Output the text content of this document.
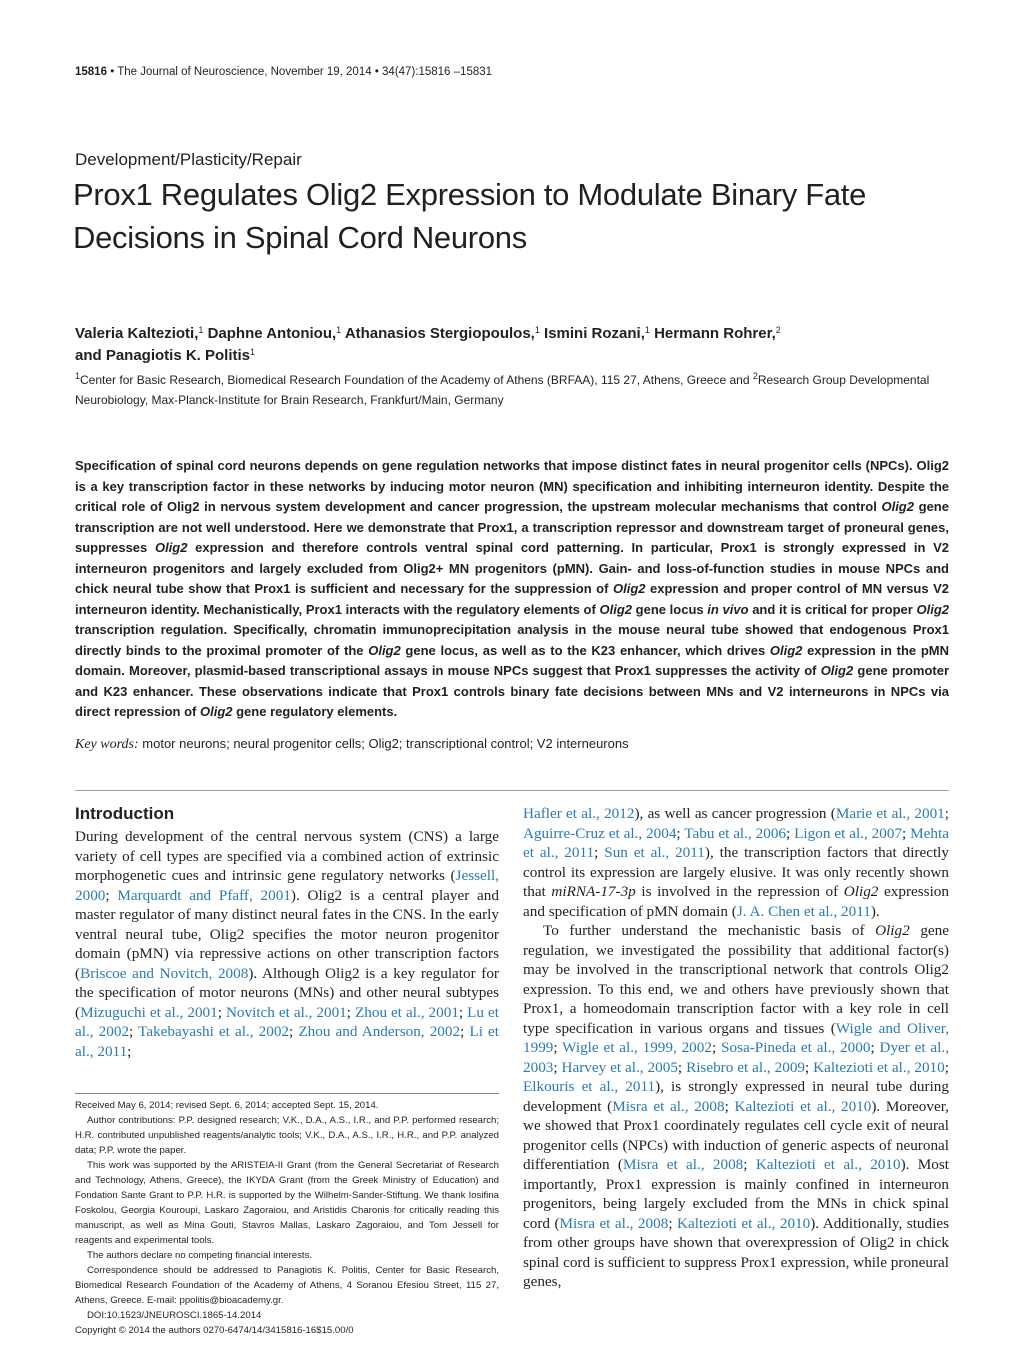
15816 • The Journal of Neuroscience, November 19, 2014 • 34(47):15816 –15831
Development/Plasticity/Repair
Prox1 Regulates Olig2 Expression to Modulate Binary Fate
Decisions in Spinal Cord Neurons
Valeria Kaltezioti,$^1$ Daphne Antoniou,$^1$ Athanasios Stergiopoulos,$^1$ Ismini Rozani,$^1$ Hermann Rohrer,$^2$
and Panagiotis K. Politis$^1$
$^1$Center for Basic Research, Biomedical Research Foundation of the Academy of Athens (BRFAA), 115 27, Athens, Greece and $^2$Research Group Developmental Neurobiology, Max-Planck-Institute for Brain Research, Frankfurt/Main, Germany
Specification of spinal cord neurons depends on gene regulation networks that impose distinct fates in neural progenitor cells (NPCs). Olig2 is a key transcription factor in these networks by inducing motor neuron (MN) specification and inhibiting interneuron identity. Despite the critical role of Olig2 in nervous system development and cancer progression, the upstream molecular mechanisms that control Olig2 gene transcription are not well understood. Here we demonstrate that Prox1, a transcription repressor and downstream target of proneural genes, suppresses Olig2 expression and therefore controls ventral spinal cord patterning. In particular, Prox1 is strongly expressed in V2 interneuron progenitors and largely excluded from Olig2+ MN progenitors (pMN). Gain- and loss-of-function studies in mouse NPCs and chick neural tube show that Prox1 is sufficient and necessary for the suppression of Olig2 expression and proper control of MN versus V2 interneuron identity. Mechanistically, Prox1 interacts with the regulatory elements of Olig2 gene locus in vivo and it is critical for proper Olig2 transcription regulation. Specifically, chromatin immunoprecipitation analysis in the mouse neural tube showed that endogenous Prox1 directly binds to the proximal promoter of the Olig2 gene locus, as well as to the K23 enhancer, which drives Olig2 expression in the pMN domain. Moreover, plasmid-based transcriptional assays in mouse NPCs suggest that Prox1 suppresses the activity of Olig2 gene promoter and K23 enhancer. These observations indicate that Prox1 controls binary fate decisions between MNs and V2 interneurons in NPCs via direct repression of Olig2 gene regulatory elements.
Key words: motor neurons; neural progenitor cells; Olig2; transcriptional control; V2 interneurons
Introduction

During development of the central nervous system (CNS) a large variety of cell types are specified via a combined action of extrinsic morphogenetic cues and intrinsic gene regulatory networks (Jessell, 2000; Marquardt and Pfaff, 2001). Olig2 is a central player and master regulator of many distinct neural fates in the CNS. In the early ventral neural tube, Olig2 specifies the motor neuron progenitor domain (pMN) via repressive actions on other transcription factors (Briscoe and Novitch, 2008). Although Olig2 is a key regulator for the specification of motor neurons (MNs) and other neural subtypes (Mizuguchi et al., 2001; Novitch et al., 2001; Zhou et al., 2001; Lu et al., 2002; Takebayashi et al., 2002; Zhou and Anderson, 2002; Li et al., 2011;

Received May 6, 2014; revised Sept. 6, 2014; accepted Sept. 15, 2014.

Author contributions: P.P. designed research; V.K., D.A., A.S., I.R., and P.P. performed research; H.R. contributed unpublished reagents/analytic tools; V.K., D.A., A.S., I.R., H.R., and P.P. analyzed data; P.P. wrote the paper.

This work was supported by the ARISTEIA-II Grant (from the General Secretariat of Research and Technology, Athens, Greece), the IKYDA Grant (from the Greek Ministry of Education) and Fondation Sante Grant to P.P. H.R. is supported by the Wilhelm-Sander-Stiftung. We thank Iosifina Foskolou, Georgia Kouroupi, Laskaro Zagoraiou, and Aristidis Charonis for critically reading this manuscript, as well as Mina Gouti, Stavros Mallas, Laskaro Zagoraiou, and Tom Jessell for reagents and experimental tools.

The authors declare no competing financial interests.

Correspondence should be addressed to Panagiotis K. Politis, Center for Basic Research, Biomedical Research Foundation of the Academy of Athens, 4 Soranou Efesiou Street, 115 27, Athens, Greece. E-mail: ppolitis@bioacademy.gr.

DOI:10.1523/JNEUROSCI.1865-14.2014

Copyright © 2014 the authors 0270-6474/14/3415816-16$15.00/0

Hafler et al., 2012), as well as cancer progression (Marie et al., 2001; Aguirre-Cruz et al., 2004; Tabu et al., 2006; Ligon et al., 2007; Mehta et al., 2011; Sun et al., 2011), the transcription factors that directly control its expression are largely elusive. It was only recently shown that miRNA-17-3p is involved in the repression of Olig2 expression and specification of pMN domain (J. A. Chen et al., 2011).

To further understand the mechanistic basis of Olig2 gene regulation, we investigated the possibility that additional factor(s) may be involved in the transcriptional network that controls Olig2 expression. To this end, we and others have previously shown that Prox1, a homeodomain transcription factor with a key role in cell type specification in various organs and tissues (Wigle and Oliver, 1999; Wigle et al., 1999, 2002; Sosa-Pineda et al., 2000; Dyer et al., 2003; Harvey et al., 2005; Risebro et al., 2009; Kaltezioti et al., 2010; Elkouris et al., 2011), is strongly expressed in neural tube during development (Misra et al., 2008; Kaltezioti et al., 2010). Moreover, we showed that Prox1 coordinately regulates cell cycle exit of neural progenitor cells (NPCs) with induction of generic aspects of neuronal differentiation (Misra et al., 2008; Kaltezioti et al., 2010). Most importantly, Prox1 expression is mainly confined in interneuron progenitors, being largely excluded from the MNs in chick spinal cord (Misra et al., 2008; Kaltezioti et al., 2010). Additionally, studies from other groups have shown that overexpression of Olig2 in chick spinal cord is sufficient to suppress Prox1 expression, while proneural genes,
